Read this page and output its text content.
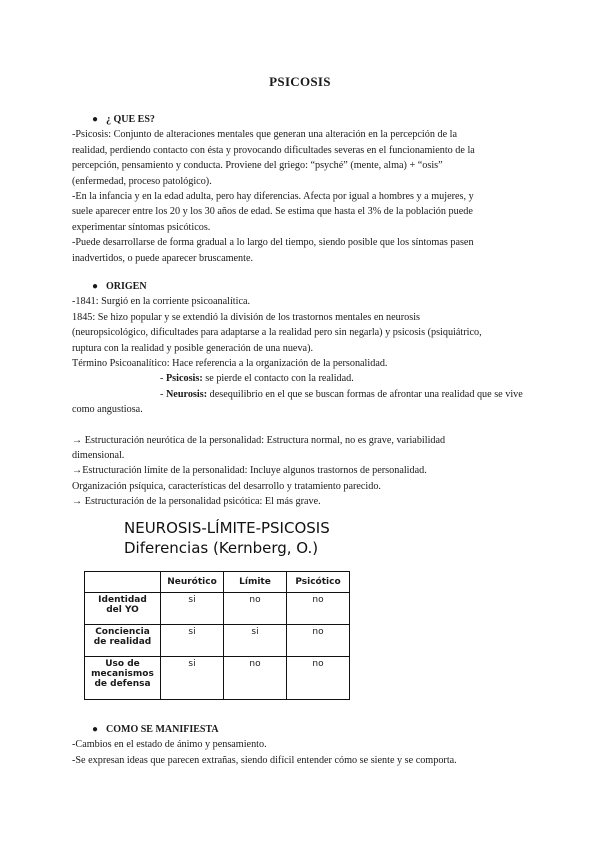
PSICOSIS

● ¿ QUE ES?

-Psicosis: Conjunto de alteraciones mentales que generan una alteración en la percepción de la

realidad, perdiendo contacto con ésta y provocando dificultades severas en el funcionamiento de la

percepción, pensamiento y conducta. Proviene del griego: “psyché” (mente, alma) + “osis”

(enfermedad, proceso patológico).

-En la infancia y en la edad adulta, pero hay diferencias. Afecta por igual a hombres y a mujeres, y

suele aparecer entre los 20 y los 30 años de edad. Se estima que hasta el 3% de la población puede

experimentar síntomas psicóticos.

-Puede desarrollarse de forma gradual a lo largo del tiempo, siendo posible que los síntomas pasen

inadvertidos, o puede aparecer bruscamente.

● ORIGEN

-1841: Surgió en la corriente psicoanalítica.

1845: Se hizo popular y se extendió la división de los trastornos mentales en neurosis

(neuropsicológico, dificultades para adaptarse a la realidad pero sin negarla) y psicosis (psiquiátrico,

ruptura con la realidad y posible generación de una nueva).

Término Psicoanalítico: Hace referencia a la organización de la personalidad.

- Psicosis: se pierde el contacto con la realidad.

- Neurosis: desequilibrio en el que se buscan formas de afrontar una realidad que se vive

como angustiosa.

→ Estructuración neurótica de la personalidad: Estructura normal, no es grave, variabilidad

dimensional.

→Estructuración límite de la personalidad: Incluye algunos trastornos de personalidad.

Organización psíquica, características del desarrollo y tratamiento parecido.

→ Estructuración de la personalidad psicótica: El más grave.

NEUROSIS-LÍMITE-PSICOSIS
Diferencias (Kernberg, O.)
	Neurótico	Límite	Psicótico

Identidad
del YO	si	no	no

Conciencia
de realidad	si	si	no

Uso de
mecanismos
de defensa	si	no	no

● COMO SE MANIFIESTA

-Cambios en el estado de ánimo y pensamiento.

-Se expresan ideas que parecen extrañas, siendo difícil entender cómo se siente y se comporta.
